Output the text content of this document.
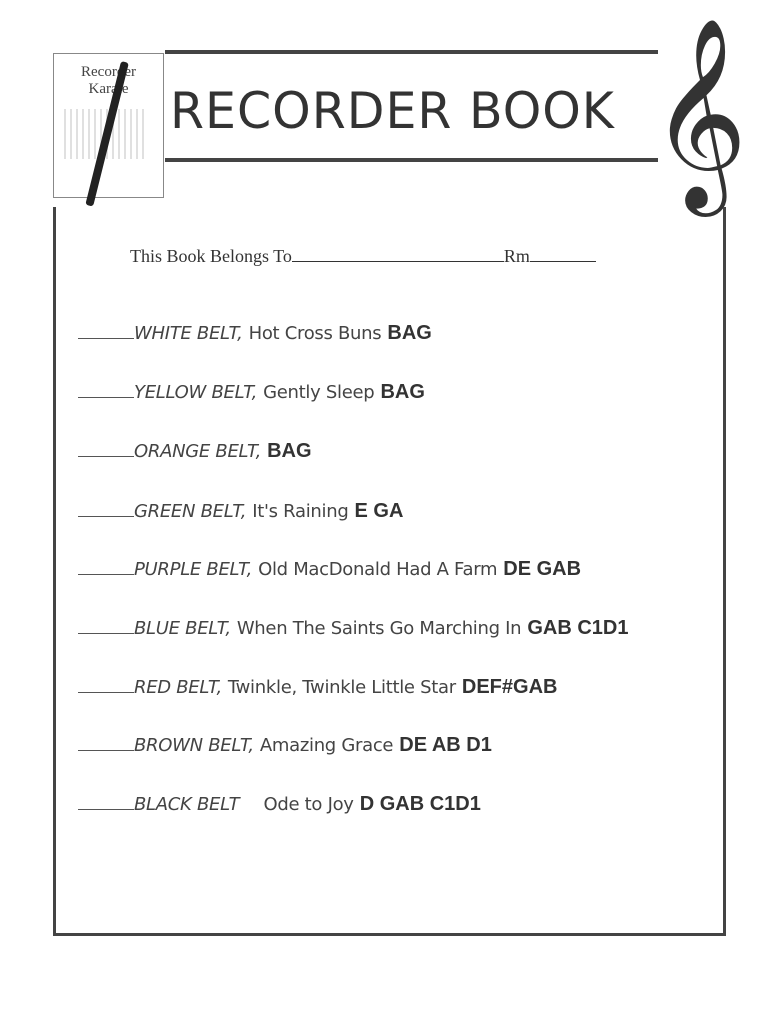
Recorder
Karate RECORDER BOOK 𝄞
This Book Belongs To	Rm
WHITE BELT, Hot Cross Buns BAG
YELLOW BELT, Gently Sleep BAG
ORANGE BELT, BAG
GREEN BELT, It's Raining E GA
PURPLE BELT, Old MacDonald Had A Farm DE GAB
BLUE BELT, When The Saints Go Marching In GAB C1D1
RED BELT, Twinkle, Twinkle Little Star DEF#GAB
BROWN BELT, Amazing Grace DE AB D1
BLACK BELT Ode to Joy D GAB C1D1
